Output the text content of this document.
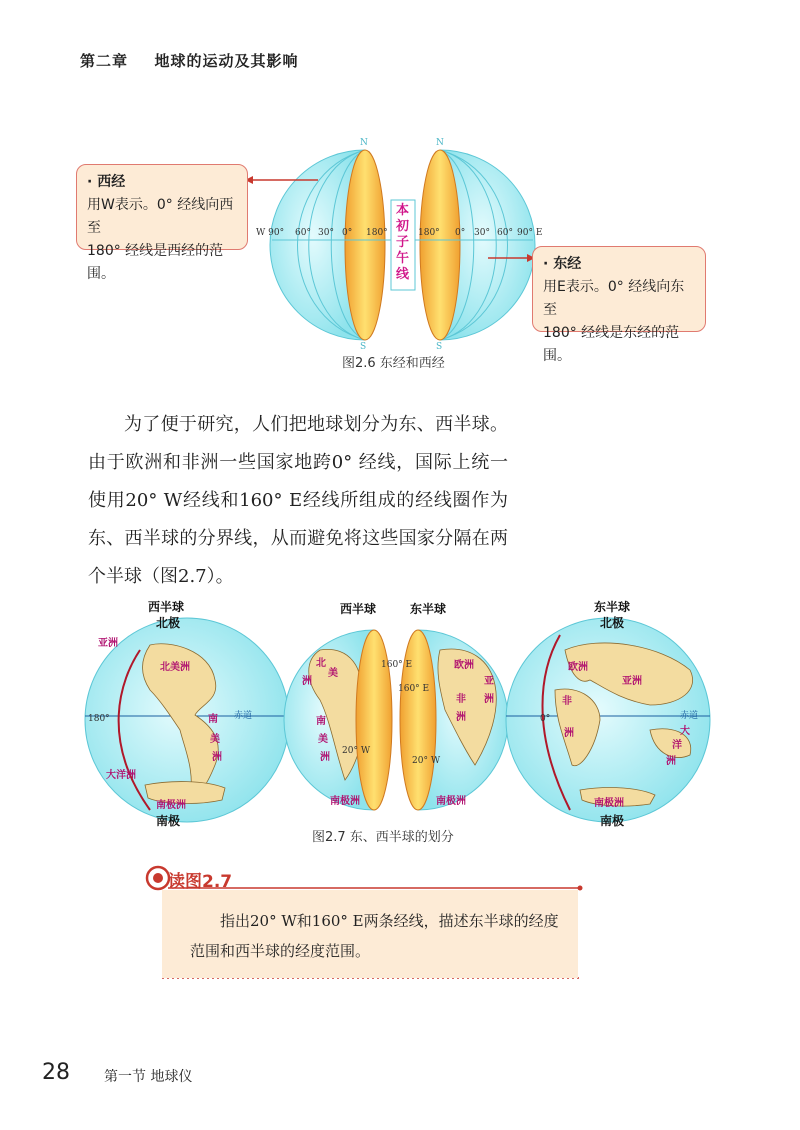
第二章 地球的运动及其影响
N	N
S	S
W 90° 60° 30° 0° 180°	180° 0° 30° 60° 90° E
本初子午线
· 西经
用W表示。0° 经线向西至
180° 经线是西经的范围。
· 东经
用E表示。0° 经线向东至
180° 经线是东经的范围。
图2.6 东经和西经

为了便于研究，人们把地球划分为东、西半球。由于欧洲和非洲一些国家地跨0° 经线，国际上统一使用20° W经线和160° E经线所组成的经线圈作为东、西半球的分界线，从而避免将这些国家分隔在两个半球（图2.7）。

西半球
北极
南极
西半球	东半球	东半球
北极
南极
北美洲
南
美
洲
大洋洲
南极洲
亚洲
赤道
180°
北
美
洲
南
美
洲
南极洲
欧洲
亚
洲
非
洲
南极洲
160° E
160° E
20° W
20° W
欧洲
亚洲
非
洲	大
洋
洲
南极洲
赤道
0°
图2.7 东、西半球的划分
读图2.7
指出20° W和160° E两条经线，描述东半球的经度范围和西半球的经度范围。
28 第一节 地球仪
